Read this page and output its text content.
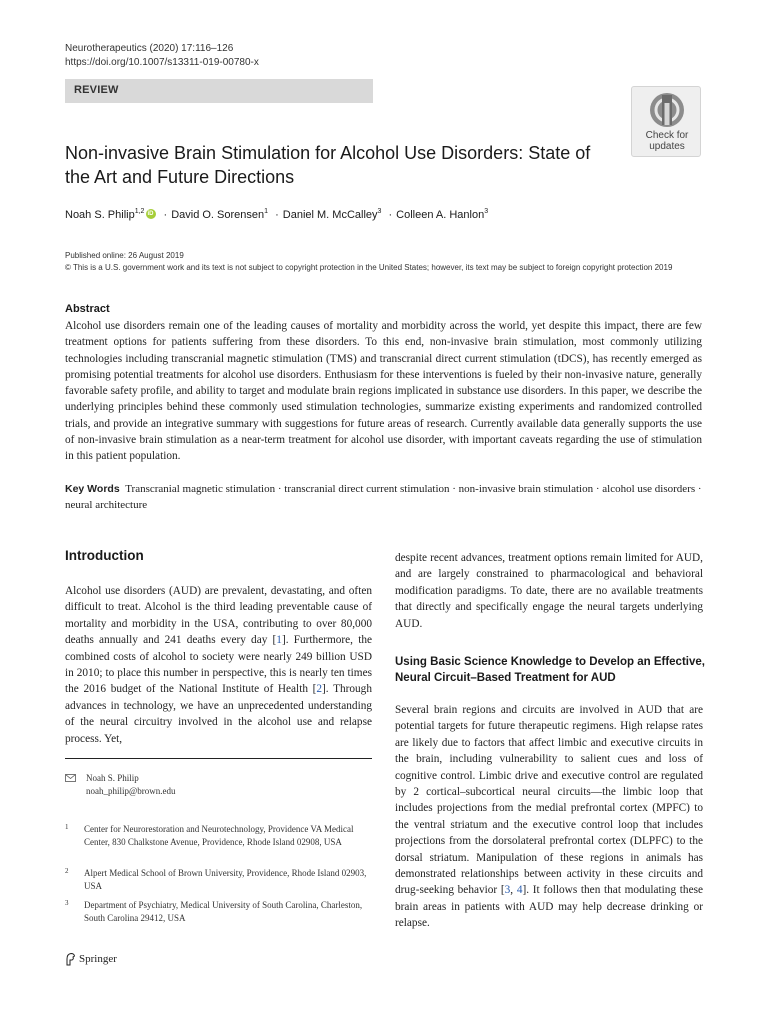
Neurotherapeutics (2020) 17:116–126
https://doi.org/10.1007/s13311-019-00780-x
REVIEW
Check for
updates
Non-invasive Brain Stimulation for Alcohol Use Disorders: State of the Art and Future Directions
Noah S. Philip$^{1,2}$iD · David O. Sorensen$^1$ · Daniel M. McCalley$^3$ · Colleen A. Hanlon$^3$
Published online: 26 August 2019
© This is a U.S. government work and its text is not subject to copyright protection in the United States; however, its text may be subject to foreign copyright protection 2019
Abstract

Alcohol use disorders remain one of the leading causes of mortality and morbidity across the world, yet despite this impact, there are few treatment options for patients suffering from these disorders. To this end, non-invasive brain stimulation, most commonly utilizing technologies including transcranial magnetic stimulation (TMS) and transcranial direct current stimulation (tDCS), has recently emerged as promising potential treatments for alcohol use disorders. Enthusiasm for these interventions is fueled by their non-invasive nature, generally favorable safety profile, and ability to target and modulate brain regions implicated in substance use disorders. In this paper, we describe the underlying principles behind these commonly used stimulation technologies, summarize existing experiments and randomized controlled trials, and provide an integrative summary with suggestions for future areas of research. Currently available data generally supports the use of non-invasive brain stimulation as a near-term treatment for alcohol use disorder, with important caveats regarding the use of stimulation in this patient population.

Key Words Transcranial magnetic stimulation · transcranial direct current stimulation · non-invasive brain stimulation · alcohol use disorders · neural architecture
Introduction

Alcohol use disorders (AUD) are prevalent, devastating, and often difficult to treat. Alcohol is the third leading preventable cause of mortality and morbidity in the USA, contributing to over 80,000 deaths annually and 241 deaths every day [1]. Furthermore, the combined costs of alcohol to society were nearly 249 billion USD in 2010; to place this number in perspective, this is nearly ten times the 2016 budget of the National Institute of Health [2]. Through advances in technology, we have an unprecedented understanding of the neural circuitry involved in the alcohol use and relapse process. Yet,

Noah S. Philip
noah_philip@brown.edu
1 Center for Neurorestoration and Neurotechnology, Providence VA Medical Center, 830 Chalkstone Avenue, Providence, Rhode Island 02908, USA
2 Alpert Medical School of Brown University, Providence, Rhode Island 02903, USA
3 Department of Psychiatry, Medical University of South Carolina, Charleston, South Carolina 29412, USA
Springer

despite recent advances, treatment options remain limited for AUD, and are largely constrained to pharmacological and behavioral modification paradigms. To date, there are no available treatments that directly and specifically engage the neural targets underlying AUD.

Using Basic Science Knowledge to Develop an Effective, Neural Circuit–Based Treatment for AUD

Several brain regions and circuits are involved in AUD that are potential targets for future therapeutic regimens. High relapse rates are likely due to factors that affect limbic and executive circuits in the brain, including vulnerability to salient cues and loss of cognitive control. Limbic drive and executive control are regulated by 2 cortical–subcortical neural circuits—the limbic loop that includes projections from the medial prefrontal cortex (MPFC) to the ventral striatum and the executive control loop that includes projections from the dorsolateral prefrontal cortex (DLPFC) to the dorsal striatum. Manipulation of these regions in animals has demonstrated relationships between activity in these circuits and drug-seeking behavior [3, 4]. It follows then that modulating these brain areas in patients with AUD may help decrease drinking or relapse.
